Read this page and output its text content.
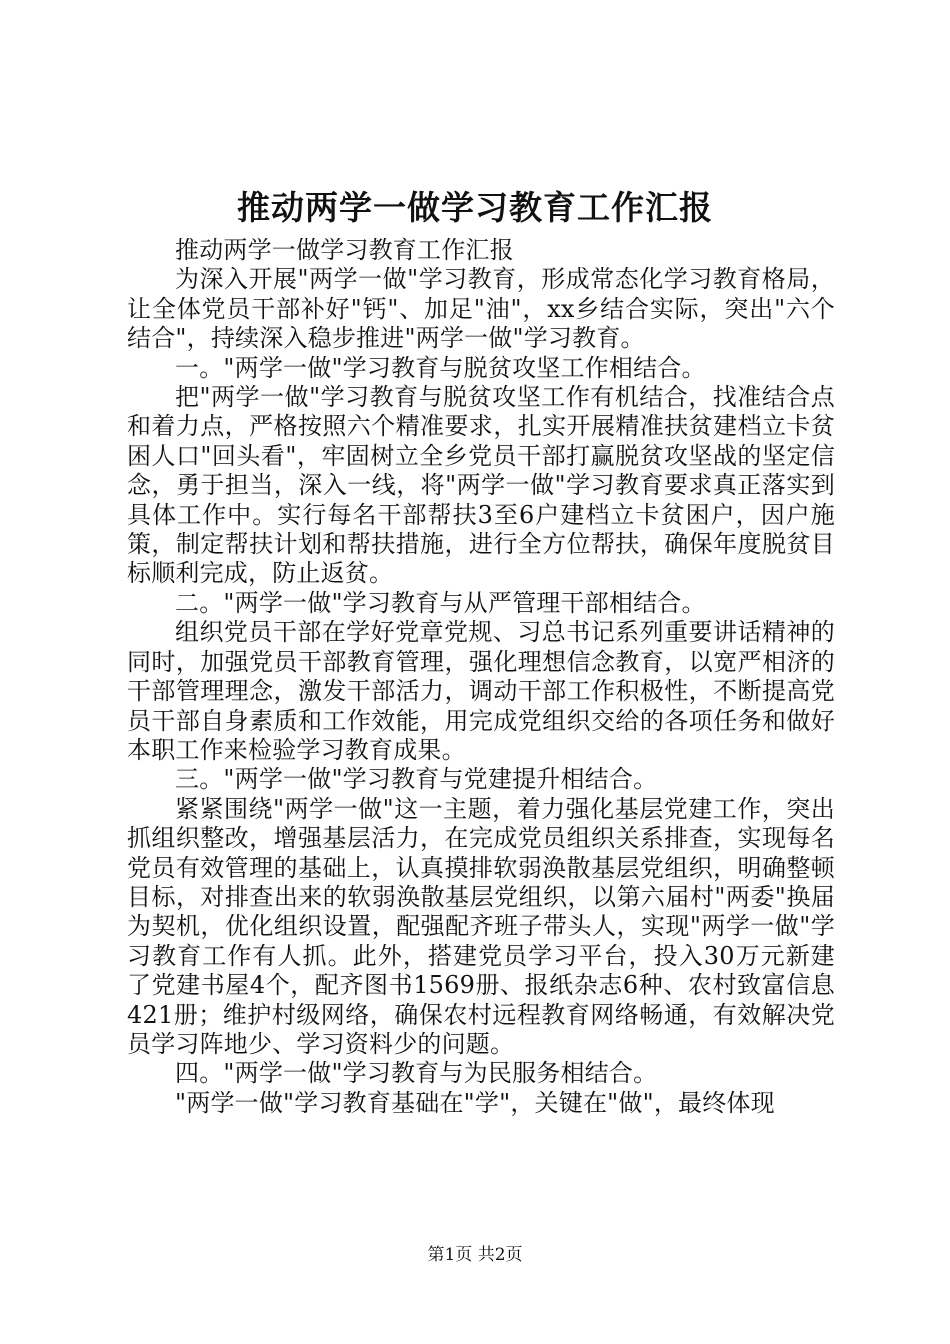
推动两学一做学习教育工作汇报

推动两学一做学习教育工作汇报

为深入开展"两学一做"学习教育，形成常态化学习教育格局，让全体党员干部补好"钙"、加足"油"，xx乡结合实际，突出"六个结合"，持续深入稳步推进"两学一做"学习教育。

一。"两学一做"学习教育与脱贫攻坚工作相结合。

把"两学一做"学习教育与脱贫攻坚工作有机结合，找准结合点和着力点，严格按照六个精准要求，扎实开展精准扶贫建档立卡贫困人口"回头看"，牢固树立全乡党员干部打赢脱贫攻坚战的坚定信念，勇于担当，深入一线，将"两学一做"学习教育要求真正落实到具体工作中。实行每名干部帮扶3至6户建档立卡贫困户，因户施策，制定帮扶计划和帮扶措施，进行全方位帮扶，确保年度脱贫目标顺利完成，防止返贫。

二。"两学一做"学习教育与从严管理干部相结合。

组织党员干部在学好党章党规、习总书记系列重要讲话精神的同时，加强党员干部教育管理，强化理想信念教育，以宽严相济的干部管理理念，激发干部活力，调动干部工作积极性，不断提高党员干部自身素质和工作效能，用完成党组织交给的各项任务和做好本职工作来检验学习教育成果。

三。"两学一做"学习教育与党建提升相结合。

紧紧围绕"两学一做"这一主题，着力强化基层党建工作，突出抓组织整改，增强基层活力，在完成党员组织关系排查，实现每名党员有效管理的基础上，认真摸排软弱涣散基层党组织，明确整顿目标，对排查出来的软弱涣散基层党组织，以第六届村"两委"换届为契机，优化组织设置，配强配齐班子带头人，实现"两学一做"学习教育工作有人抓。此外，搭建党员学习平台，投入30万元新建了党建书屋4个，配齐图书1569册、报纸杂志6种、农村致富信息421册；维护村级网络，确保农村远程教育网络畅通，有效解决党员学习阵地少、学习资料少的问题。

四。"两学一做"学习教育与为民服务相结合。

"两学一做"学习教育基础在"学"，关键在"做"，最终体现

第1页 共2页
